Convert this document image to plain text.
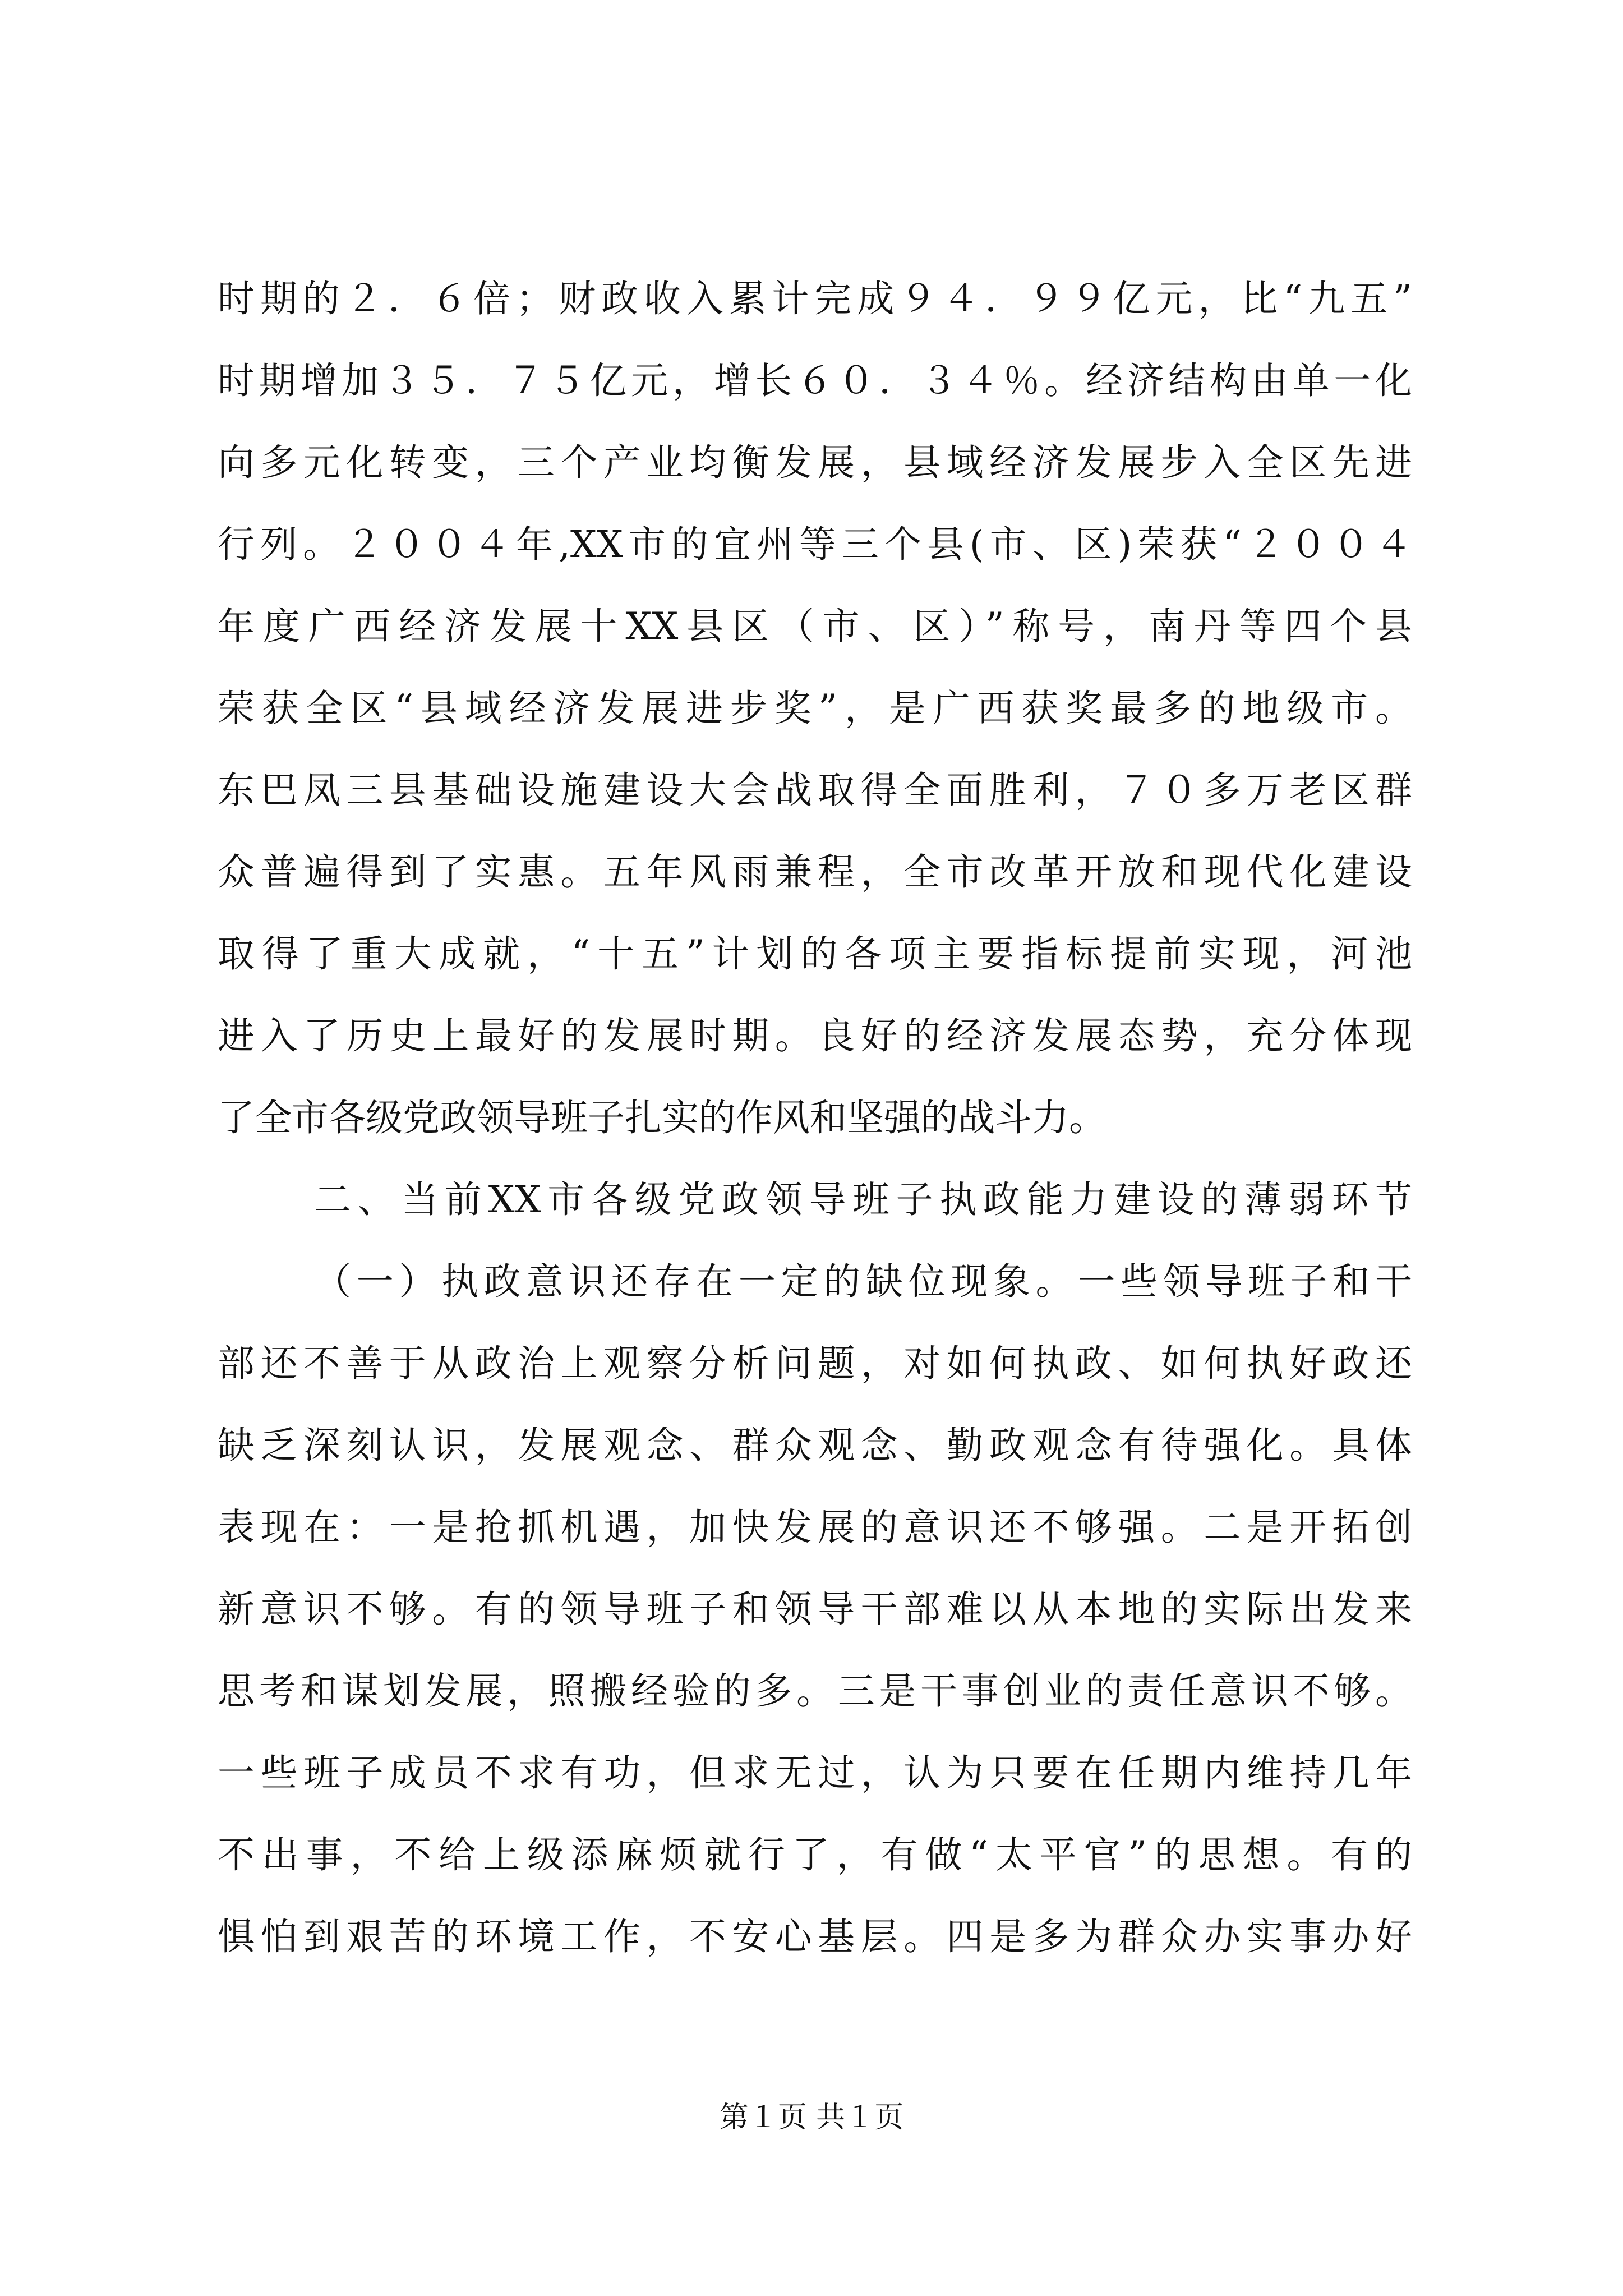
时期的２．６倍；财政收入累计完成９４．９９亿元，比“九五”
时期增加３５．７５亿元，增长６０．３４％。经济结构由单一化
向多元化转变，三个产业均衡发展，县域经济发展步入全区先进
行列。２００４年,XX市的宜州等三个县(市、区)荣获“２００４
年度广西经济发展十XX县区（市、区）”称号，南丹等四个县
荣获全区“县域经济发展进步奖”，是广西获奖最多的地级市。
东巴凤三县基础设施建设大会战取得全面胜利，７０多万老区群
众普遍得到了实惠。五年风雨兼程，全市改革开放和现代化建设
取得了重大成就，“十五”计划的各项主要指标提前实现，河池
进入了历史上最好的发展时期。良好的经济发展态势，充分体现
了全市各级党政领导班子扎实的作风和坚强的战斗力。
二、当前XX市各级党政领导班子执政能力建设的薄弱环节
（一）执政意识还存在一定的缺位现象。一些领导班子和干
部还不善于从政治上观察分析问题，对如何执政、如何执好政还
缺乏深刻认识，发展观念、群众观念、勤政观念有待强化。具体
表现在：一是抢抓机遇，加快发展的意识还不够强。二是开拓创
新意识不够。有的领导班子和领导干部难以从本地的实际出发来
思考和谋划发展，照搬经验的多。三是干事创业的责任意识不够。
一些班子成员不求有功，但求无过，认为只要在任期内维持几年
不出事，不给上级添麻烦就行了，有做“太平官”的思想。有的
惧怕到艰苦的环境工作，不安心基层。四是多为群众办实事办好
第１页 共１页
